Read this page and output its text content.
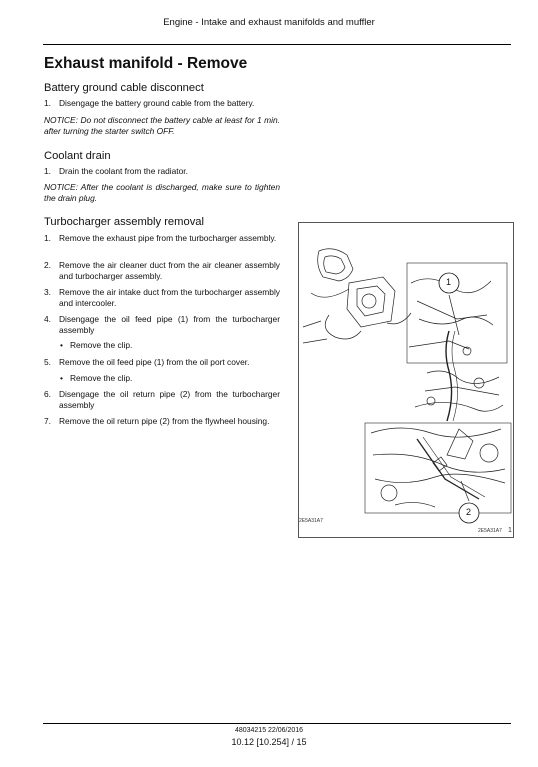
Engine - Intake and exhaust manifolds and muffler
Exhaust manifold - Remove
Battery ground cable disconnect
1. Disengage the battery ground cable from the battery.
NOTICE: Do not disconnect the battery cable at least for 1 min. after turning the starter switch OFF.
Coolant drain
1. Drain the coolant from the radiator.
NOTICE: After the coolant is discharged, make sure to tighten the drain plug.
Turbocharger assembly removal
1. Remove the exhaust pipe from the turbocharger assembly.
2. Remove the air cleaner duct from the air cleaner assembly and turbocharger assembly.
3. Remove the air intake duct from the turbocharger assembly and intercooler.
4. Disengage the oil feed pipe (1) from the turbocharger assembly
• Remove the clip.
5. Remove the oil feed pipe (1) from the oil port cover.
• Remove the clip.
6. Disengage the oil return pipe (2) from the turbocharger assembly
7. Remove the oil return pipe (2) from the flywheel housing.
1
2
2E5A31A7
2E5A31A7 1
48034215 22/06/2016
10.12 [10.254] / 15
